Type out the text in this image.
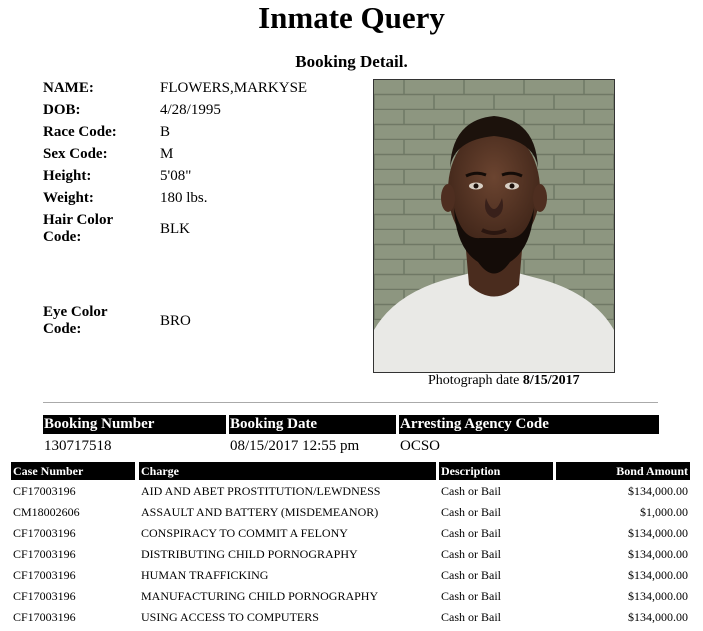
Inmate Query
Booking Detail.
NAME:	FLOWERS,MARKYSE
DOB:	4/28/1995
Race Code:	B
Sex Code:	M
Height:	5'08"
Weight:	180 lbs.
Hair Color
Code:	BLK
Eye Color
Code:	BRO
Photograph date 8/15/2017
Booking Number	Booking Date	Arresting Agency Code
130717518	08/15/2017 12:55 pm	OCSO
Case Number	Charge	Description	Bond Amount
CF17003196	AID AND ABET PROSTITUTION/LEWDNESS	Cash or Bail	$134,000.00
CM18002606	ASSAULT AND BATTERY (MISDEMEANOR)	Cash or Bail	$1,000.00
CF17003196	CONSPIRACY TO COMMIT A FELONY	Cash or Bail	$134,000.00
CF17003196	DISTRIBUTING CHILD PORNOGRAPHY	Cash or Bail	$134,000.00
CF17003196	HUMAN TRAFFICKING	Cash or Bail	$134,000.00
CF17003196	MANUFACTURING CHILD PORNOGRAPHY	Cash or Bail	$134,000.00
CF17003196	USING ACCESS TO COMPUTERS	Cash or Bail	$134,000.00
